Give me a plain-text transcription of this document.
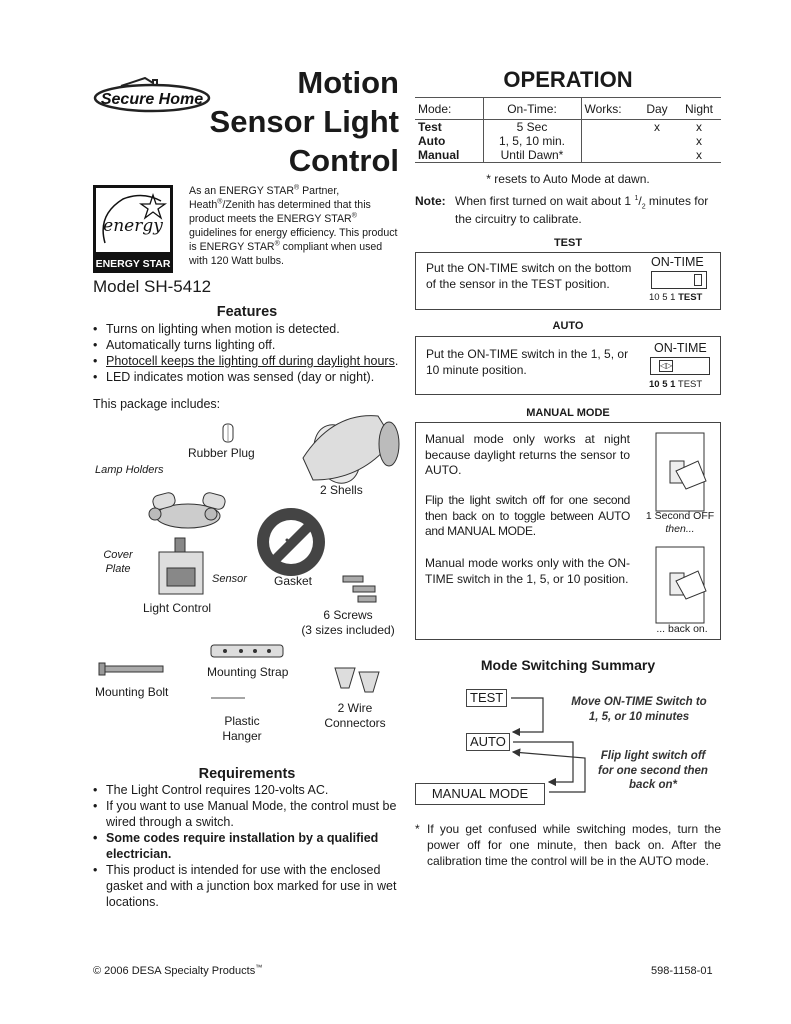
Secure Home	Motion
Sensor Light
Control
energy
ENERGY STAR
As an ENERGY STAR® Partner, Heath®/Zenith has determined that this product meets the ENERGY STAR® guidelines for energy efficiency. This product is ENERGY STAR® compliant when used with 120 Watt bulbs.
Model SH-5412
Features
• Turns on lighting when motion is detected.
• Automatically turns lighting off.
• Photocell keeps the lighting off during daylight hours.
• LED indicates motion was sensed (day or night).
This package includes:
Rubber Plug
Lamp Holders
2 Shells
Cover
Plate
Sensor Gasket
Light Control	6 Screws
(3 sizes included)
Mounting Strap
Mounting Bolt
Plastic
Hanger
2 Wire
Connectors
Requirements
• The Light Control requires 120-volts AC.
• If you want to use Manual Mode, the control must be wired through a switch.
• Some codes require installation by a qualified electrician.
• This product is intended for use with the enclosed gasket and with a junction box marked for use in wet locations.
© 2006 DESA Specialty Products™	598-1158-01
OPERATION
Mode:	On-Time:	Works:	Day	Night
Test	5 Sec		x	x
Auto	1, 5, 10 min.			x
Manual	Until Dawn*			x
* resets to Auto Mode at dawn.
Note: When first turned on wait about 1 $^1/_2$ minutes for
the circuitry to calibrate.
TEST
Put the ON-TIME switch on the bottom of the sensor in the TEST position.
ON-TIME
10 5 1 TEST
AUTO
Put the ON-TIME switch in the 1, 5, or 10 minute position.
ON-TIME
◁▷
10 5 1 TEST
MANUAL MODE
Manual mode only works at night because daylight returns the sensor to AUTO.
Flip the light switch off for one second then back on to toggle between AUTO and MANUAL MODE.
Manual mode works only with the ON-TIME switch in the 1, 5, or 10 position.
1 Second OFF
then...
... back on.
Mode Switching Summary
TEST
AUTO
MANUAL MODE
Move ON-TIME Switch to
1, 5, or 10 minutes
Flip light switch off
for one second then
back on*
* If you get confused while switching modes, turn the power off for one minute, then back on. After the calibration time the control will be in the AUTO mode.
